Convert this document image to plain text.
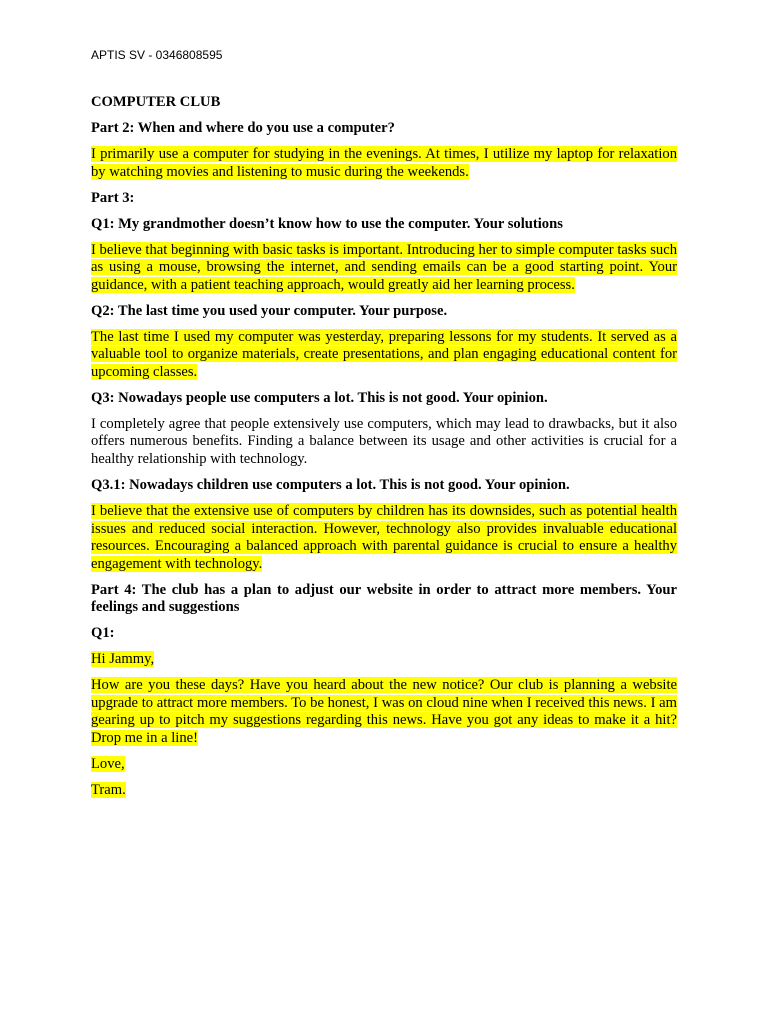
APTIS SV - 0346808595

COMPUTER CLUB

Part 2: When and where do you use a computer?

I primarily use a computer for studying in the evenings. At times, I utilize my laptop for relaxation by watching movies and listening to music during the weekends.

Part 3:

Q1: My grandmother doesn’t know how to use the computer. Your solutions

I believe that beginning with basic tasks is important. Introducing her to simple computer tasks such as using a mouse, browsing the internet, and sending emails can be a good starting point. Your guidance, with a patient teaching approach, would greatly aid her learning process.

Q2: The last time you used your computer. Your purpose.

The last time I used my computer was yesterday, preparing lessons for my students. It served as a valuable tool to organize materials, create presentations, and plan engaging educational content for upcoming classes.

Q3: Nowadays people use computers a lot. This is not good. Your opinion.

I completely agree that people extensively use computers, which may lead to drawbacks, but it also offers numerous benefits. Finding a balance between its usage and other activities is crucial for a healthy relationship with technology.

Q3.1: Nowadays children use computers a lot. This is not good. Your opinion.

I believe that the extensive use of computers by children has its downsides, such as potential health issues and reduced social interaction. However, technology also provides invaluable educational resources. Encouraging a balanced approach with parental guidance is crucial to ensure a healthy engagement with technology.

Part 4: The club has a plan to adjust our website in order to attract more members. Your feelings and suggestions

Q1:

Hi Jammy,

How are you these days? Have you heard about the new notice? Our club is planning a website upgrade to attract more members. To be honest, I was on cloud nine when I received this news. I am gearing up to pitch my suggestions regarding this news. Have you got any ideas to make it a hit? Drop me in a line!

Love,

Tram.
